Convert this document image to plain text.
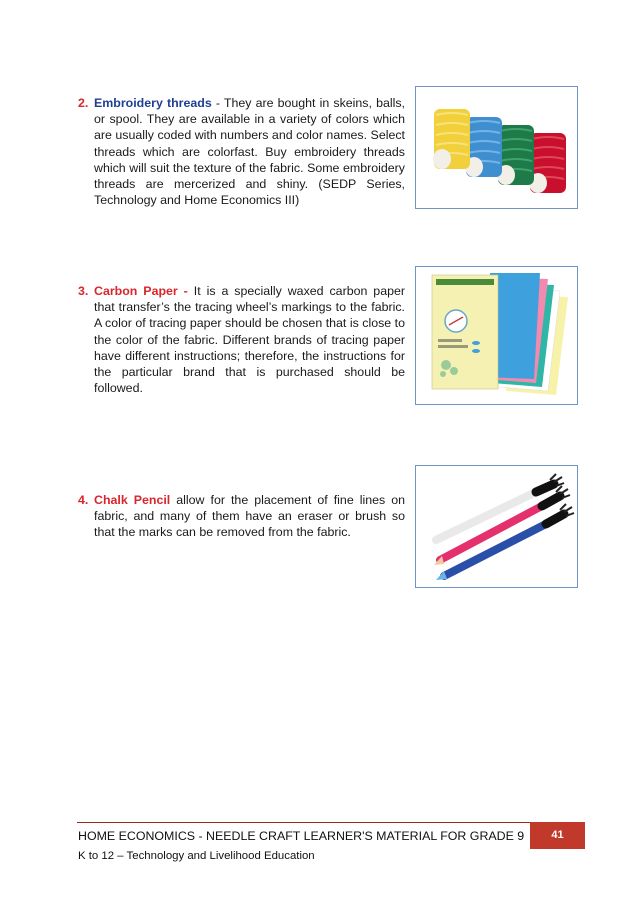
2. Embroidery threads - They are bought in skeins, balls, or spool. They are available in a variety of colors which are usually coded with numbers and color names. Select threads which are colorfast. Buy embroidery threads which will suit the texture of the fabric. Some embroidery threads are mercerized and shiny. (SEDP Series, Technology and Home Economics III)

3. Carbon Paper - It is a specially waxed carbon paper that transfer’s the tracing wheel’s markings to the fabric. A color of tracing paper should be chosen that is close to the color of the fabric. Different brands of tracing paper have different instructions; therefore, the instructions for the particular brand that is purchased should be followed.

4. Chalk Pencil allow for the placement of fine lines on fabric, and many of them have an eraser or brush so that the marks can be removed from the fabric.

HOME ECONOMICS - NEEDLE CRAFT LEARNER'S MATERIAL FOR GRADE 9
K to 12 – Technology and Livelihood Education
41
